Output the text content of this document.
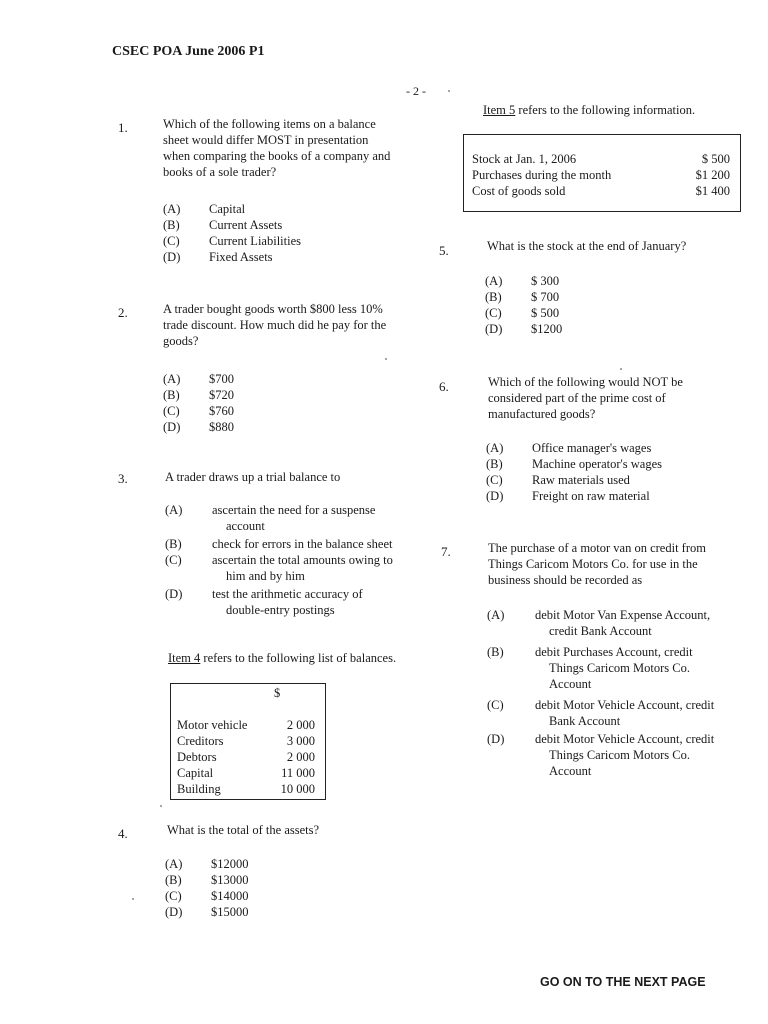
CSEC POA June 2006 P1
- 2 -
1.	Which of the following items on a balance
sheet would differ MOST in presentation
when comparing the books of a company and
books of a sole trader?
(A) Capital
(B) Current Assets
(C) Current Liabilities
(D) Fixed Assets
2.	A trader bought goods worth $800 less 10%
trade discount. How much did he pay for the
goods?
(A) $700
(B) $720
(C) $760
(D) $880
3.	A trader draws up a trial balance to
(A) ascertain the need for a suspense
account
(B) check for errors in the balance sheet
(C) ascertain the total amounts owing to
him and by him
(D) test the arithmetic accuracy of
double-entry postings
Item 4 refers to the following list of balances.
$
Motor vehicle	2 000
Creditors	3 000
Debtors	2 000
Capital	11 000
Building	10 000
4.	What is the total of the assets?
(A) $12000
(B) $13000
(C) $14000
(D) $15000
Item 5 refers to the following information.
Stock at Jan. 1, 2006	$ 500
Purchases during the month	$1 200
Cost of goods sold	$1 400
5.	What is the stock at the end of January?
(A) $ 300
(B) $ 700
(C) $ 500
(D) $1200
6.	Which of the following would NOT be
considered part of the prime cost of
manufactured goods?
(A) Office manager's wages
(B) Machine operator's wages
(C) Raw materials used
(D) Freight on raw material
7.	The purchase of a motor van on credit from
Things Caricom Motors Co. for use in the
business should be recorded as
(A) debit Motor Van Expense Account,
credit Bank Account
(B)	debit Purchases Account, credit
Things Caricom Motors Co.
Account
(C)	debit Motor Vehicle Account, credit
Bank Account
(D) debit Motor Vehicle Account, credit
Things Caricom Motors Co.
Account
GO ON TO THE NEXT PAGE
